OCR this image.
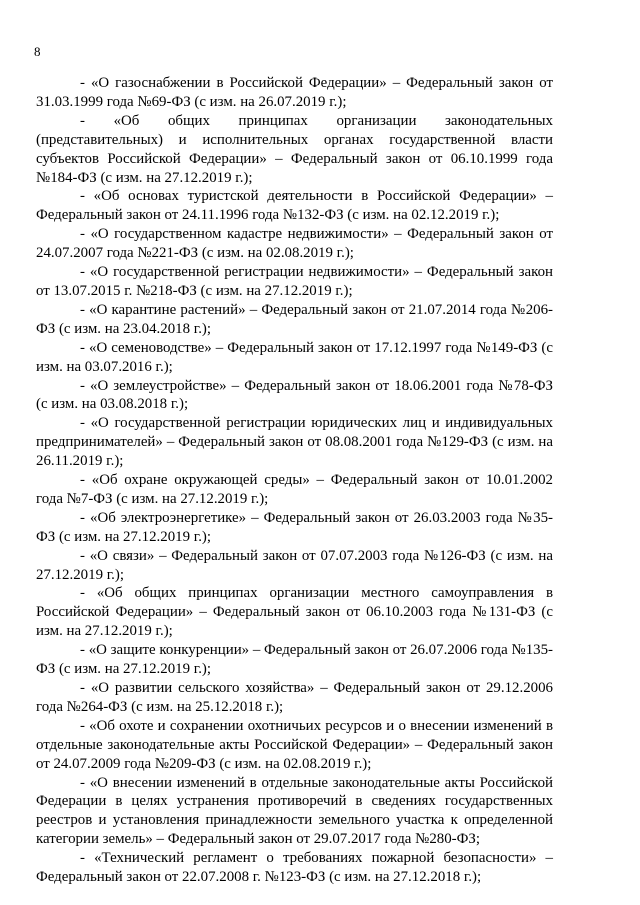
8

- «О газоснабжении в Российской Федерации» – Федеральный закон от 31.03.1999 года №69-ФЗ (с изм. на 26.07.2019 г.);

- «Об общих принципах организации законодательных (представительных) и исполнительных органах государственной власти субъектов Российской Федерации» – Федеральный закон от 06.10.1999 года №184-ФЗ (с изм. на 27.12.2019 г.);

- «Об основах туристской деятельности в Российской Федерации» – Федеральный закон от 24.11.1996 года №132-ФЗ (с изм. на 02.12.2019 г.);

- «О государственном кадастре недвижимости» – Федеральный закон от 24.07.2007 года №221-ФЗ (с изм. на 02.08.2019 г.);

- «О государственной регистрации недвижимости» – Федеральный закон от 13.07.2015 г. №218-ФЗ (с изм. на 27.12.2019 г.);

- «О карантине растений» – Федеральный закон от 21.07.2014 года №206-ФЗ (с изм. на 23.04.2018 г.);

- «О семеноводстве» – Федеральный закон от 17.12.1997 года №149-ФЗ (с изм. на 03.07.2016 г.);

- «О землеустройстве» – Федеральный закон от 18.06.2001 года №78-ФЗ (с изм. на 03.08.2018 г.);

- «О государственной регистрации юридических лиц и индивидуальных предпринимателей» – Федеральный закон от 08.08.2001 года №129-ФЗ (с изм. на 26.11.2019 г.);

- «Об охране окружающей среды» – Федеральный закон от 10.01.2002 года №7-ФЗ (с изм. на 27.12.2019 г.);

- «Об электроэнергетике» – Федеральный закон от 26.03.2003 года №35-ФЗ (с изм. на 27.12.2019 г.);

- «О связи» – Федеральный закон от 07.07.2003 года №126-ФЗ (с изм. на 27.12.2019 г.);

- «Об общих принципах организации местного самоуправления в Российской Федерации» – Федеральный закон от 06.10.2003 года №131-ФЗ (с изм. на 27.12.2019 г.);

- «О защите конкуренции» – Федеральный закон от 26.07.2006 года №135-ФЗ (с изм. на 27.12.2019 г.);

- «О развитии сельского хозяйства» – Федеральный закон от 29.12.2006 года №264-ФЗ (с изм. на 25.12.2018 г.);

- «Об охоте и сохранении охотничьих ресурсов и о внесении изменений в отдельные законодательные акты Российской Федерации» – Федеральный закон от 24.07.2009 года №209-ФЗ (с изм. на 02.08.2019 г.);

- «О внесении изменений в отдельные законодательные акты Российской Федерации в целях устранения противоречий в сведениях государственных реестров и установления принадлежности земельного участка к определенной категории земель» – Федеральный закон от 29.07.2017 года №280-ФЗ;

- «Технический регламент о требованиях пожарной безопасности» – Федеральный закон от 22.07.2008 г. №123-ФЗ (с изм. на 27.12.2018 г.);
